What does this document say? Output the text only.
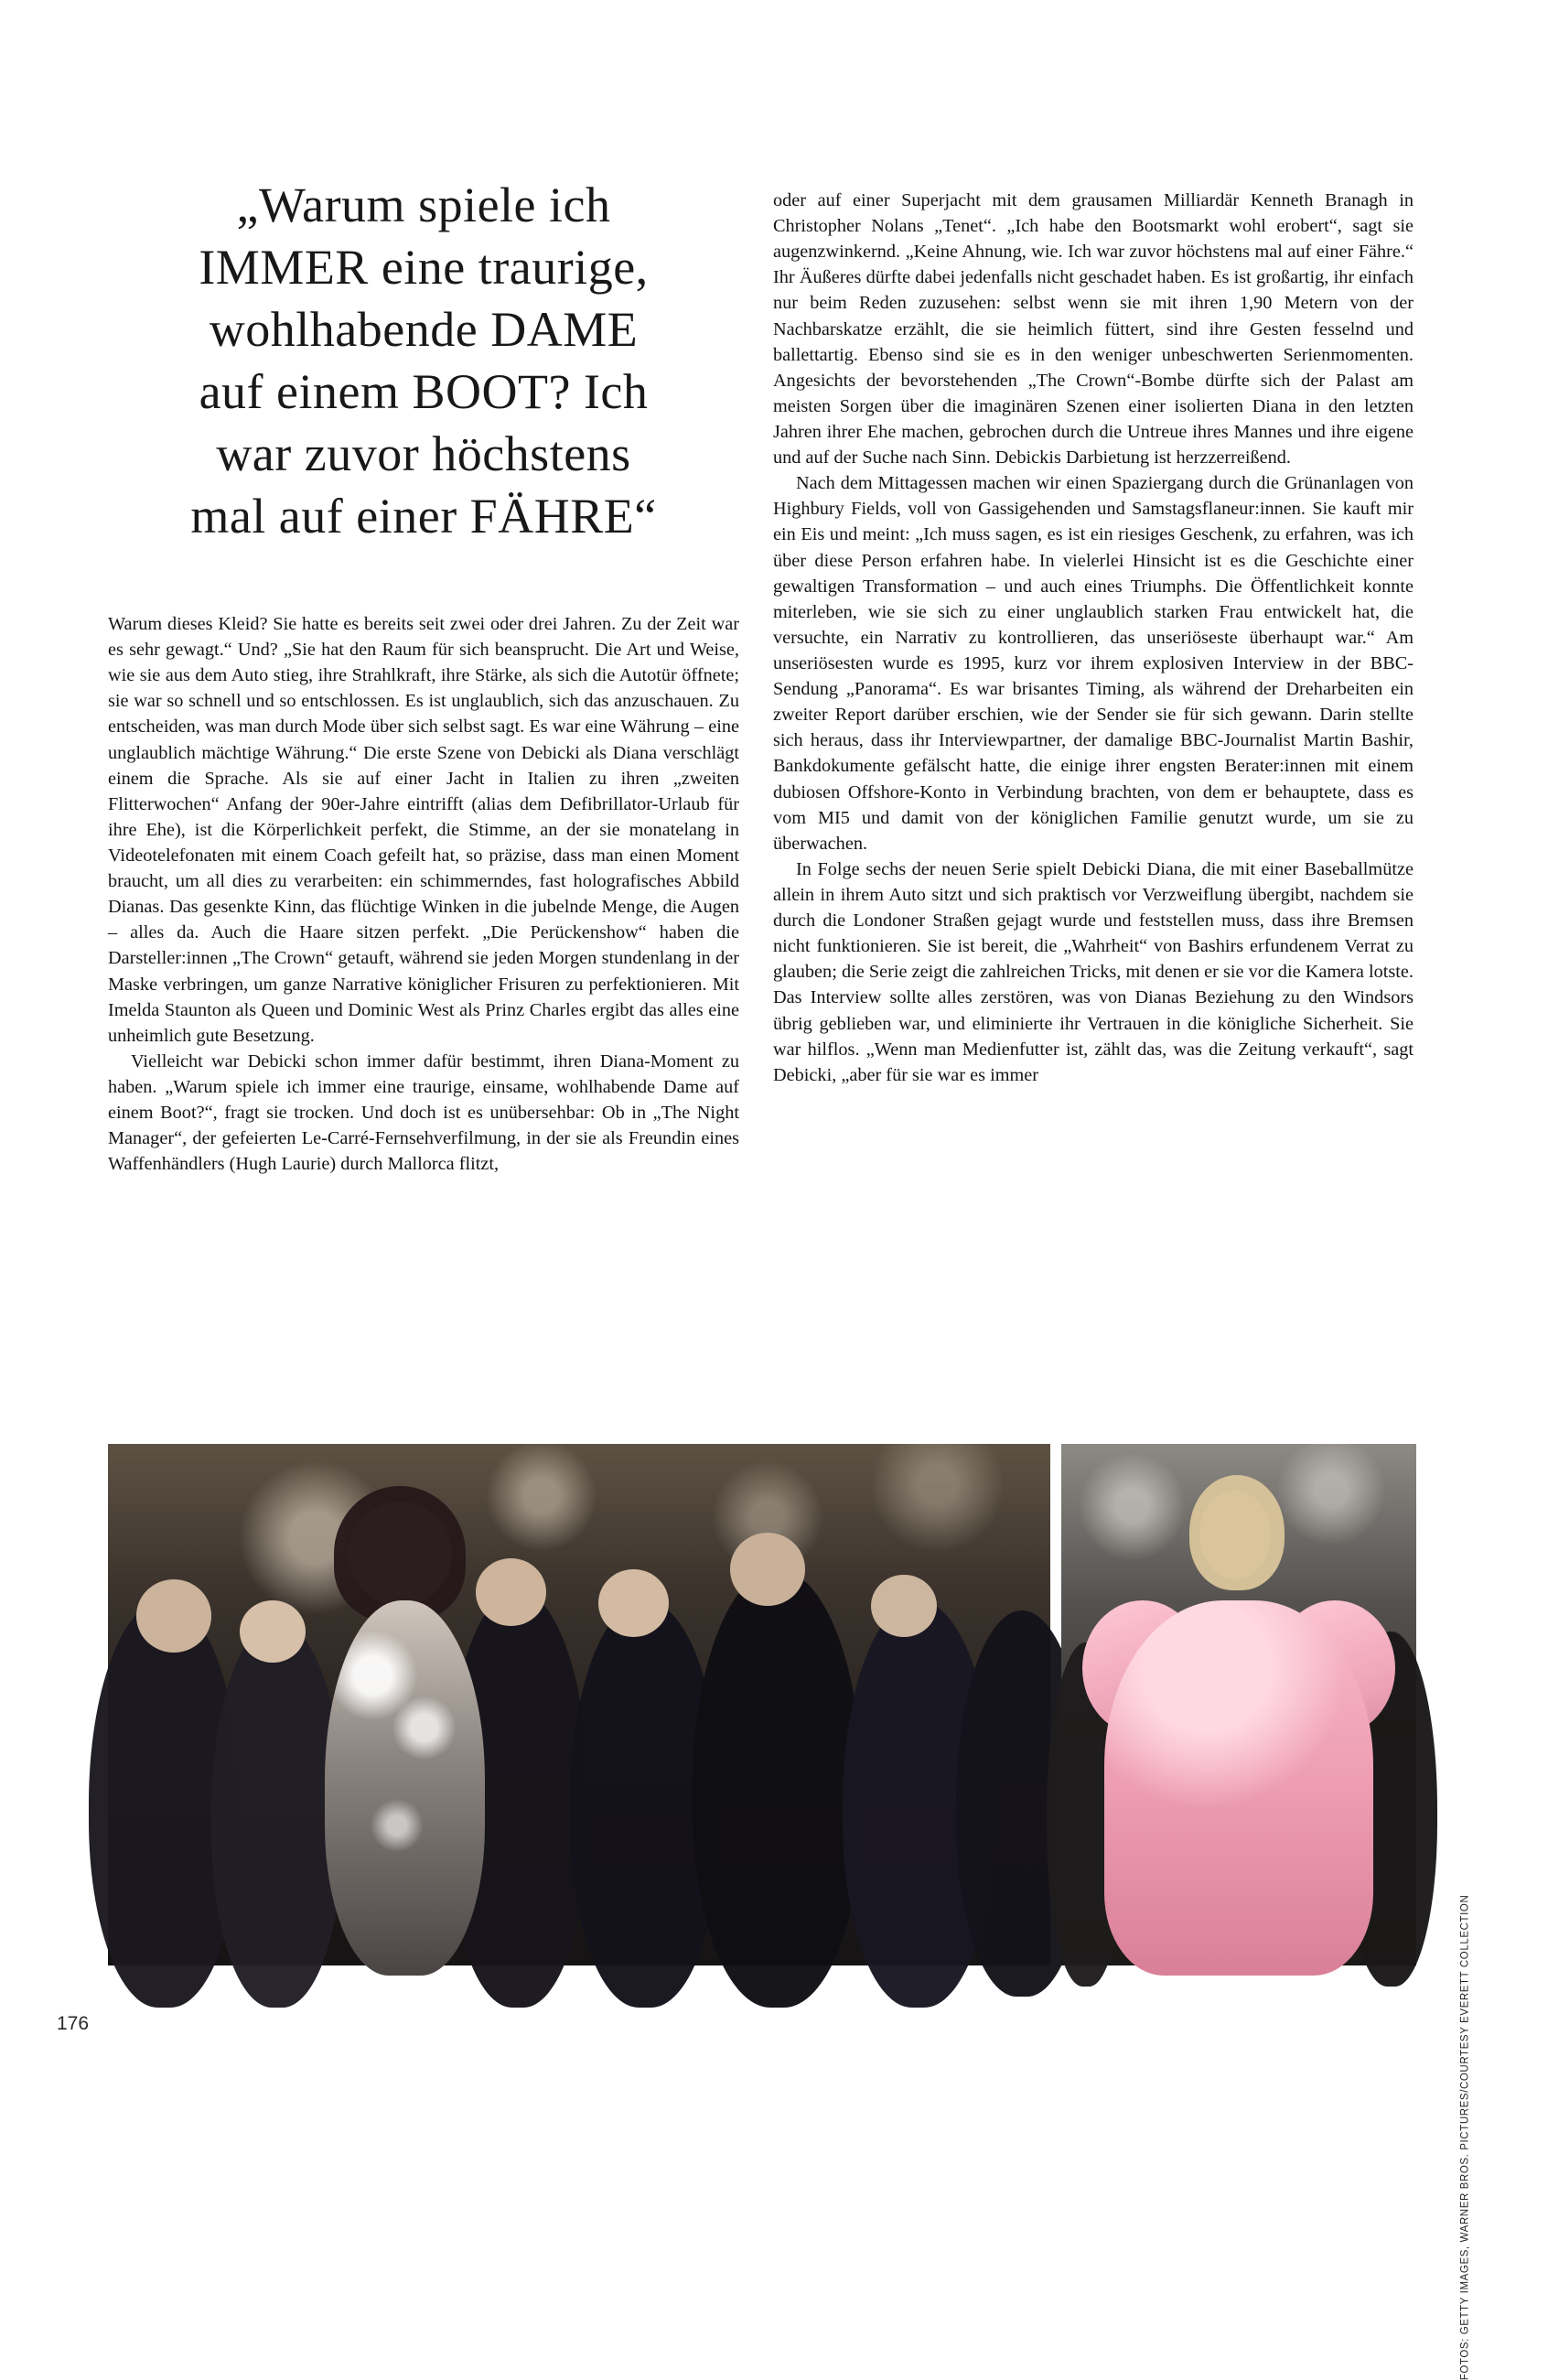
„Warum spiele ich
IMMER eine traurige,
wohlhabende DAME
auf einem BOOT? Ich
war zuvor höchstens
mal auf einer FÄHRE“

Warum dieses Kleid? Sie hatte es bereits seit zwei oder drei Jahren. Zu der Zeit war es sehr gewagt.“ Und? „Sie hat den Raum für sich beansprucht. Die Art und Weise, wie sie aus dem Auto stieg, ihre Strahlkraft, ihre Stärke, als sich die Autotür öffnete; sie war so schnell und so entschlossen. Es ist unglaublich, sich das anzuschauen. Zu entscheiden, was man durch Mode über sich selbst sagt. Es war eine Währung – eine unglaublich mächtige Währung.“ Die erste Szene von Debicki als Diana verschlägt einem die Sprache. Als sie auf einer Jacht in Italien zu ihren „zweiten Flitterwochen“ Anfang der 90er-Jahre eintrifft (alias dem Defibrillator-Urlaub für ihre Ehe), ist die Körperlichkeit perfekt, die Stimme, an der sie monatelang in Videotelefonaten mit einem Coach gefeilt hat, so präzise, dass man einen Moment braucht, um all dies zu verarbeiten: ein schimmerndes, fast holografisches Abbild Dianas. Das gesenkte Kinn, das flüchtige Winken in die jubelnde Menge, die Augen – alles da. Auch die Haare sitzen perfekt. „Die Perückenshow“ haben die Darsteller:innen „The Crown“ getauft, während sie jeden Morgen stundenlang in der Maske verbringen, um ganze Narrative königlicher Frisuren zu perfektionieren. Mit Imelda Staunton als Queen und Dominic West als Prinz Charles ergibt das alles eine unheimlich gute Besetzung.

Vielleicht war Debicki schon immer dafür bestimmt, ihren Diana-Moment zu haben. „Warum spiele ich immer eine traurige, einsame, wohlhabende Dame auf einem Boot?“, fragt sie trocken. Und doch ist es unübersehbar: Ob in „The Night Manager“, der gefeierten Le-Carré-Fernsehverfilmung, in der sie als Freundin eines Waffenhändlers (Hugh Laurie) durch Mallorca flitzt,

oder auf einer Superjacht mit dem grausamen Milliardär Kenneth Branagh in Christopher Nolans „Tenet“. „Ich habe den Bootsmarkt wohl erobert“, sagt sie augenzwinkernd. „Keine Ahnung, wie. Ich war zuvor höchstens mal auf einer Fähre.“ Ihr Äußeres dürfte dabei jedenfalls nicht geschadet haben. Es ist großartig, ihr einfach nur beim Reden zuzusehen: selbst wenn sie mit ihren 1,90 Metern von der Nachbarskatze erzählt, die sie heimlich füttert, sind ihre Gesten fesselnd und ballettartig. Ebenso sind sie es in den weniger unbeschwerten Serienmomenten. Angesichts der bevorstehenden „The Crown“-Bombe dürfte sich der Palast am meisten Sorgen über die imaginären Szenen einer isolierten Diana in den letzten Jahren ihrer Ehe machen, gebrochen durch die Untreue ihres Mannes und ihre eigene und auf der Suche nach Sinn. Debickis Darbietung ist herzzerreißend.

Nach dem Mittagessen machen wir einen Spaziergang durch die Grünanlagen von Highbury Fields, voll von Gassigehenden und Samstagsflaneur:innen. Sie kauft mir ein Eis und meint: „Ich muss sagen, es ist ein riesiges Geschenk, zu erfahren, was ich über diese Person erfahren habe. In vielerlei Hinsicht ist es die Geschichte einer gewaltigen Transformation – und auch eines Triumphs. Die Öffentlichkeit konnte miterleben, wie sie sich zu einer unglaublich starken Frau entwickelt hat, die versuchte, ein Narrativ zu kontrollieren, das unseriöseste überhaupt war.“ Am unseriösesten wurde es 1995, kurz vor ihrem explosiven Interview in der BBC-Sendung „Panorama“. Es war brisantes Timing, als während der Dreharbeiten ein zweiter Report darüber erschien, wie der Sender sie für sich gewann. Darin stellte sich heraus, dass ihr Interviewpartner, der damalige BBC-Journalist Martin Bashir, Bankdokumente gefälscht hatte, die einige ihrer engsten Berater:innen mit einem dubiosen Offshore-Konto in Verbindung brachten, von dem er behauptete, dass es vom MI5 und damit von der königlichen Familie genutzt wurde, um sie zu überwachen.

In Folge sechs der neuen Serie spielt Debicki Diana, die mit einer Baseballmütze allein in ihrem Auto sitzt und sich praktisch vor Verzweiflung übergibt, nachdem sie durch die Londoner Straßen gejagt wurde und feststellen muss, dass ihre Bremsen nicht funktionieren. Sie ist bereit, die „Wahrheit“ von Bashirs erfundenem Verrat zu glauben; die Serie zeigt die zahlreichen Tricks, mit denen er sie vor die Kamera lotste. Das Interview sollte alles zerstören, was von Dianas Beziehung zu den Windsors übrig geblieben war, und eliminierte ihr Vertrauen in die königliche Sicherheit. Sie war hilflos. „Wenn man Medienfutter ist, zählt das, was die Zeitung verkauft“, sagt Debicki, „aber für sie war es immer

FOTOS: GETTY IMAGES, WARNER BROS. PICTURES/COURTESY EVERETT COLLECTION
176
